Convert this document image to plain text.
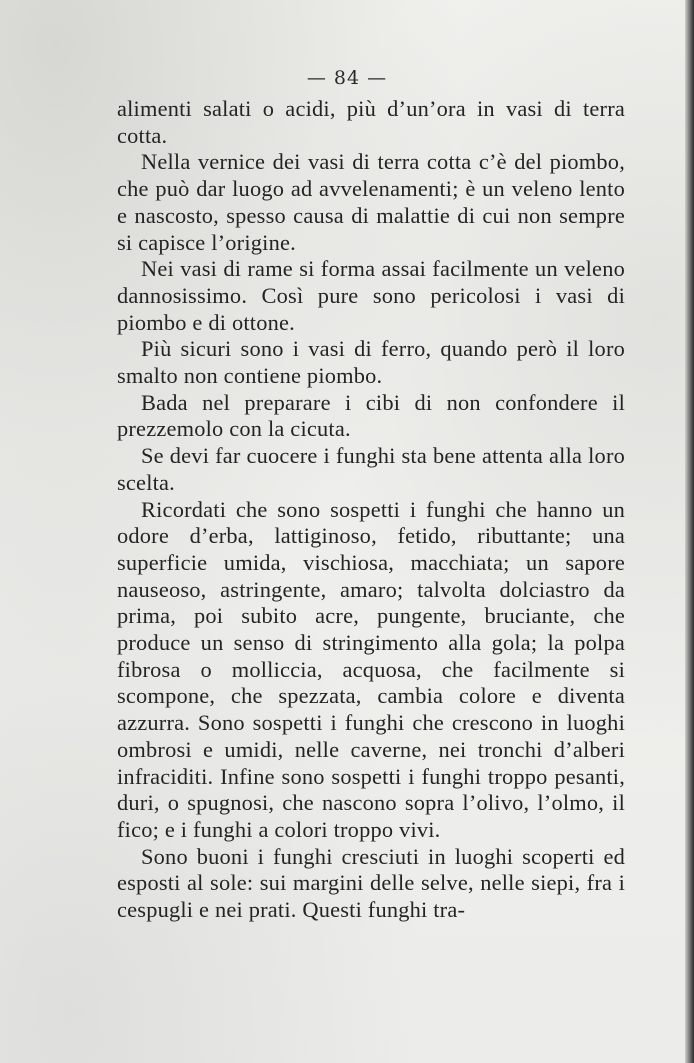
— 84 —

alimenti salati o acidi, più d’un’ora in vasi di terra cotta.

Nella vernice dei vasi di terra cotta c’è del piombo, che può dar luogo ad avvelenamenti; è un veleno lento e nascosto, spesso causa di malattie di cui non sempre si capisce l’origine.

Nei vasi di rame si forma assai facilmente un veleno dannosissimo. Così pure sono pericolosi i vasi di piombo e di ottone.

Più sicuri sono i vasi di ferro, quando però il loro smalto non contiene piombo.

Bada nel preparare i cibi di non confondere il prezzemolo con la cicuta.

Se devi far cuocere i funghi sta bene attenta alla loro scelta.

Ricordati che sono sospetti i funghi che hanno un odore d’erba, lattiginoso, fetido, ributtante; una superficie umida, vischiosa, macchiata; un sapore nauseoso, astringente, amaro; talvolta dolciastro da prima, poi subito acre, pungente, bruciante, che produce un senso di stringimento alla gola; la polpa fibrosa o molliccia, acquosa, che facilmente si scompone, che spezzata, cambia colore e diventa azzurra. Sono sospetti i funghi che crescono in luoghi ombrosi e umidi, nelle caverne, nei tronchi d’alberi infraciditi. Infine sono sospetti i funghi troppo pesanti, duri, o spugnosi, che nascono sopra l’olivo, l’olmo, il fico; e i funghi a colori troppo vivi.

Sono buoni i funghi cresciuti in luoghi scoperti ed esposti al sole: sui margini delle selve, nelle siepi, fra i cespugli e nei prati. Questi funghi tra-
